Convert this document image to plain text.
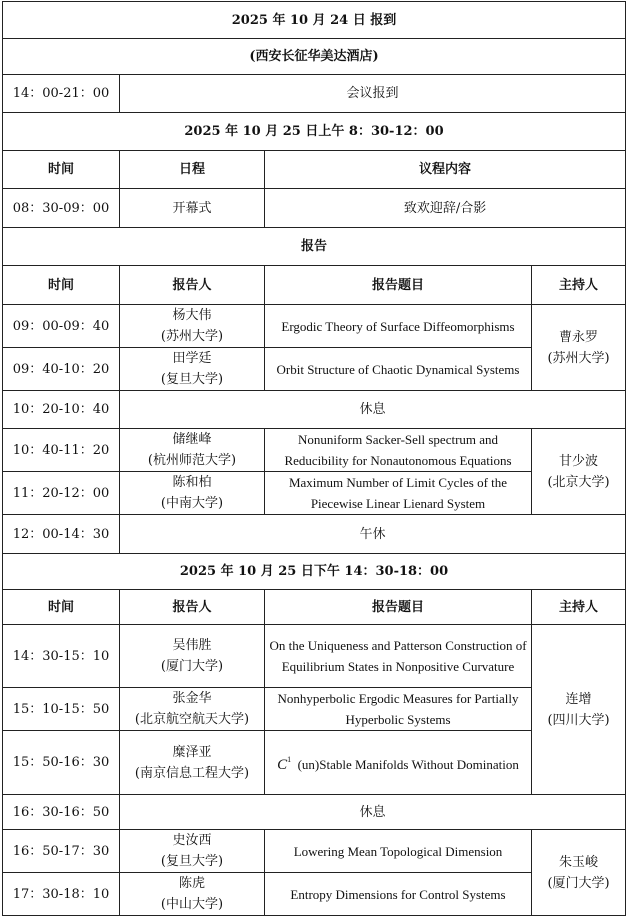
2025 年 10 月 24 日 报到			
(西安长征华美达酒店)			
14：00-21：00	会议报到		
2025 年 10 月 25 日上午 8：30-12：00			
时间	日程	议程内容	
08：30-09：00	开幕式	致欢迎辞/合影	
报告			
时间	报告人	报告题目	主持人
09：00-09：40	杨大伟
(苏州大学)	Ergodic Theory of Surface Diffeomorphisms	曹永罗
(苏州大学)

09：40-10：20	田学廷
(复旦大学)	Orbit Structure of Chaotic Dynamical Systems	
10：20-10：40	休息		
10：40-11：20	储继峰
(杭州师范大学)	Nonuniform Sacker-Sell spectrum and Reducibility for Nonautonomous Equations	甘少波
(北京大学)

11：20-12：00	陈和柏
(中南大学)	Maximum Number of Limit Cycles of the Piecewise Linear Lienard System	
12：00-14：30	午休		
2025 年 10 月 25 日下午 14：30-18：00			
时间	报告人	报告题目	主持人
14：30-15：10	吴伟胜
(厦门大学)	On the Uniqueness and Patterson Construction of Equilibrium States in Nonpositive Curvature	连增
(四川大学)

15：10-15：50	张金华
(北京航空航天大学)	Nonhyperbolic Ergodic Measures for Partially Hyperbolic Systems	
15：50-16：30	糜泽亚
(南京信息工程大学)	$C^1$ (un)Stable Manifolds Without Domination	
16：30-16：50	休息		
16：50-17：30	史汝西
(复旦大学)	Lowering Mean Topological Dimension	朱玉峻
(厦门大学)

17：30-18：10	陈虎
(中山大学)	Entropy Dimensions for Control Systems	
